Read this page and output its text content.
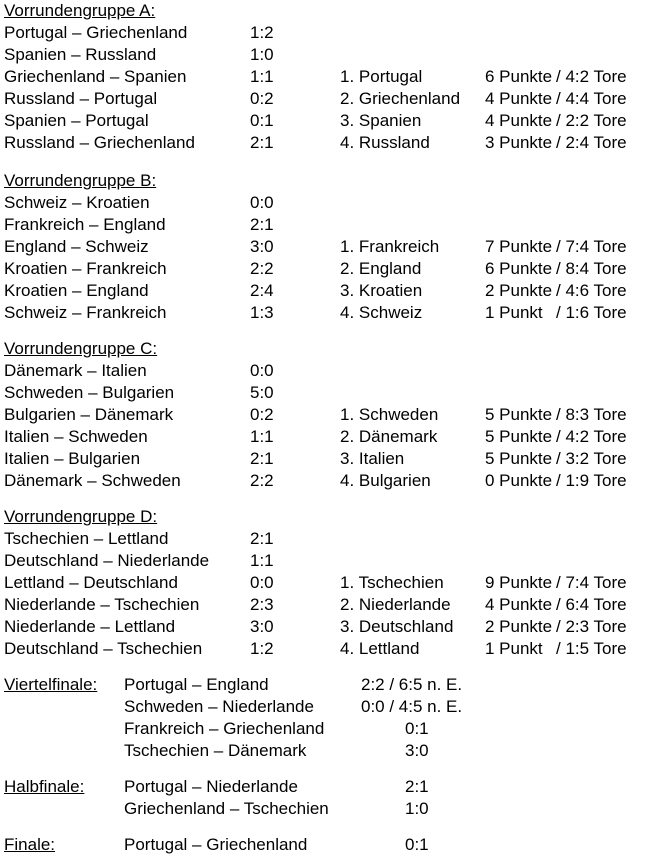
Vorrundengruppe A:
Portugal – Griechenland	1:2
Spanien – Russland	1:0
Griechenland – Spanien	1:1
Russland – Portugal	0:2
Spanien – Portugal	0:1
Russland – Griechenland	2:1
1. Portugal	6 Punkte / 4:2 Tore
2. Griechenland 4 Punkte / 4:4 Tore
3. Spanien	4 Punkte / 2:2 Tore
4. Russland	3 Punkte / 2:4 Tore
Vorrundengruppe B:
Schweiz – Kroatien	0:0
Frankreich – England	2:1
England – Schweiz	3:0
Kroatien – Frankreich	2:2
Kroatien – England	2:4
Schweiz – Frankreich	1:3
1. Frankreich	7 Punkte / 7:4 Tore
2. England	6 Punkte / 8:4 Tore
3. Kroatien	2 Punkte / 4:6 Tore
4. Schweiz	1 Punkt / 1:6 Tore
Vorrundengruppe C:
Dänemark – Italien	0:0
Schweden – Bulgarien	5:0
Bulgarien – Dänemark	0:2
Italien – Schweden	1:1
Italien – Bulgarien	2:1
Dänemark – Schweden	2:2
1. Schweden	5 Punkte / 8:3 Tore
2. Dänemark	5 Punkte / 4:2 Tore
3. Italien	5 Punkte / 3:2 Tore
4. Bulgarien	0 Punkte / 1:9 Tore
Vorrundengruppe D:
Tschechien – Lettland	2:1
Deutschland – Niederlande 1:1
Lettland – Deutschland	0:0
Niederlande – Tschechien	2:3
Niederlande – Lettland	3:0
Deutschland – Tschechien	1:2
1. Tschechien 9 Punkte / 7:4 Tore
2. Niederlande 4 Punkte / 6:4 Tore
3. Deutschland 2 Punkte / 2:3 Tore
4. Lettland	1 Punkt / 1:5 Tore
Viertelfinale: Portugal – England	2:2 / 6:5 n. E.
Schweden – Niederlande	0:0 / 4:5 n. E.
Frankreich – Griechenland	0:1
Tschechien – Dänemark	3:0
Halbfinale: Portugal – Niederlande	2:1
Griechenland – Tschechien	1:0
Finale:	Portugal – Griechenland	0:1
